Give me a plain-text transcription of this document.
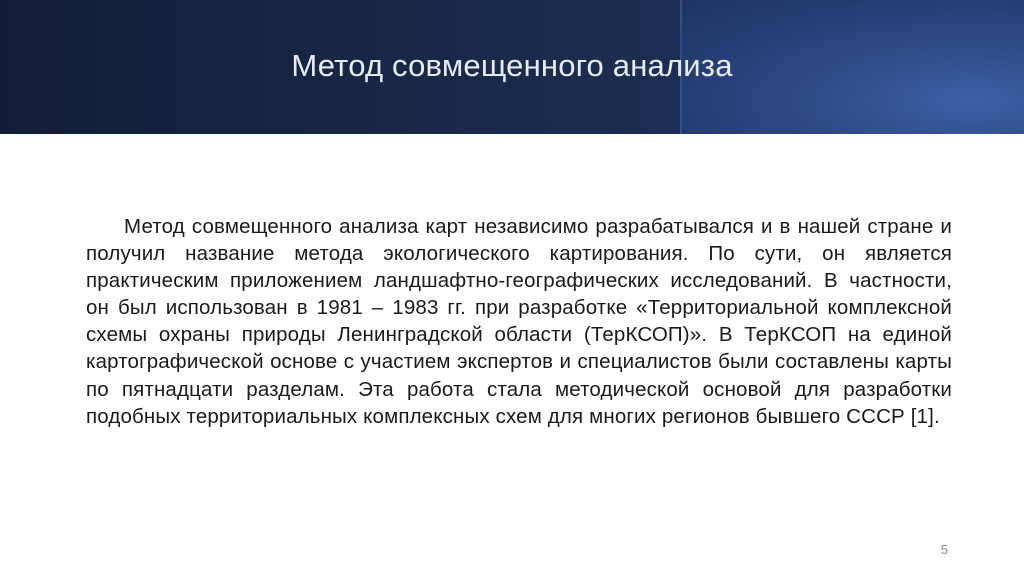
Метод совмещенного анализа

Метод совмещенного анализа карт независимо разрабатывался и в нашей стране и получил название метода экологического картирования. По сути, он является практическим приложением ландшафтно-географических исследований. В частности, он был использован в 1981 – 1983 гг. при разработке «Территориальной комплексной схемы охраны природы Ленинградской области (ТерКСОП)». В ТерКСОП на единой картографической основе с участием экспертов и специалистов были составлены карты по пятнадцати разделам. Эта работа стала методической основой для разработки подобных территориальных комплексных схем для многих регионов бывшего СССР [1].

5
